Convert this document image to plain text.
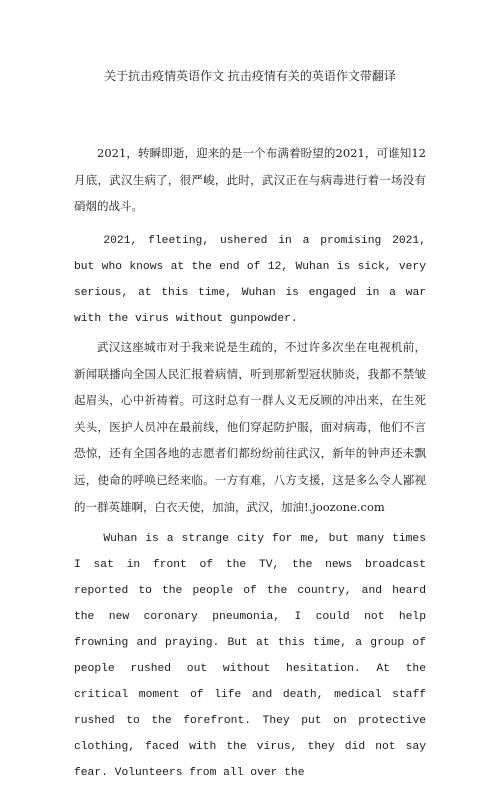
关于抗击疫情英语作文 抗击疫情有关的英语作文带翻译

2021，转瞬即逝，迎来的是一个布满着盼望的2021，可谁知12月底，武汉生病了，很严峻，此时，武汉正在与病毒进行着一场没有硝烟的战斗。

2021, fleeting, ushered in a promising 2021, but who knows at the end of 12, Wuhan is sick, very serious, at this time, Wuhan is engaged in a war with the virus without gunpowder.

武汉这座城市对于我来说是生疏的，不过许多次坐在电视机前，新闻联播向全国人民汇报着病情，听到那新型冠状肺炎，我都不禁皱起眉头，心中祈祷着。可这时总有一群人义无反顾的冲出来，在生死关头，医护人员冲在最前线，他们穿起防护服，面对病毒，他们不言恐惊，还有全国各地的志愿者们都纷纷前往武汉，新年的钟声还未飘远，使命的呼唤已经来临。一方有难，八方支援，这是多么令人鄙视的一群英雄啊，白衣天使，加油，武汉，加油!.joozone.com

Wuhan is a strange city for me, but many times I sat in front of the TV, the news broadcast reported to the people of the country, and heard the new coronary pneumonia, I could not help frowning and praying. But at this time, a group of people rushed out without hesitation. At the critical moment of life and death, medical staff rushed to the forefront. They put on protective clothing, faced with the virus, they did not say fear. Volunteers from all over the
